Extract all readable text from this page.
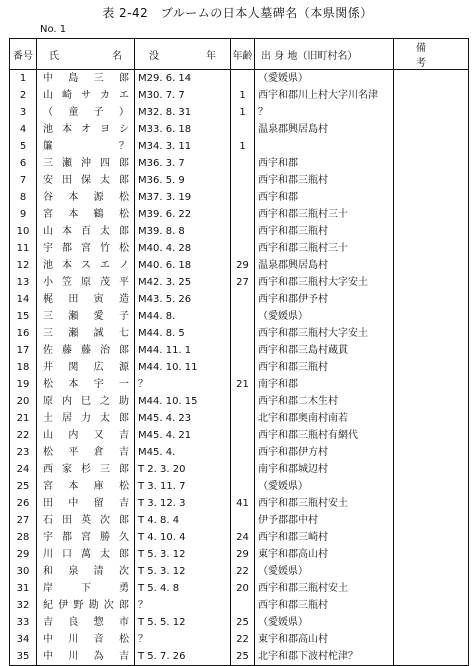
表 2-42　ブルームの日本人墓碑名（本県関係）
No. 1
番号	氏　　名	没　　年	年齢	出 身 地（旧町村名）	備　　考
1	中島三郎	M29. 6. 14		（愛媛県）	
2	山崎サカエ	M30. 7. 7	1	西宇和郡川上村大字川名津	
3	（童子）	M32. 8. 31	1	？	
4	池本オヨシ	M33. 6. 18		温泉郡興居島村	
5	簾？	M34. 3. 11	1		
6	三瀬沖四郎	M36. 3. 7		西宇和郡	
7	安田保太郎	M36. 5. 9		西宇和郡三瓶村	
8	谷本源松	M37. 3. 19		西宇和郡	
9	宮本鶴松	M39. 6. 22		西宇和郡三瓶村三十	
10	山本百太郎	M39. 8. 8		西宇和郡三瓶村	
11	宇都宮竹松	M40. 4. 28		西宇和郡三瓶村三十	
12	池本スエノ	M40. 6. 18	29	温泉郡興居島村	
13	小笠原茂平	M42. 3. 25	27	西宇和郡三瓶村大字安土	
14	梶田寅造	M43. 5. 26		西宇和郡伊予村	
15	三瀬愛子	M44. 8.		（愛媛県）	
16	三瀬誠七	M44. 8. 5		西宇和郡三瓶村大字安土	
17	佐藤藤治郎	M44. 11. 1		西宇和郡三島村蔵貫	
18	井関広源	M44. 10. 11		西宇和郡三瓶村	
19	松本宇一	？	21	南宇和郡	
20	原内巳之助	M44. 10. 15		西宇和郡二木生村	
21	土居力太郎	M45. 4. 23		北宇和郡奥南村南若	
22	山内又吉	M45. 4. 21		西宇和郡三瓶村有網代	
23	松平倉吉	M45. 4.		西宇和郡伊方村	
24	西家杉三郎	T 2. 3. 20		南宇和郡城辺村	
25	宮本庫松	T 3. 11. 7		（愛媛県）	
26	田中留吉	T 3. 12. 3	41	西宇和郡三瓶村安土	
27	石田英次郎	T 4. 8. 4		伊予郡郡中村	
28	宇都宮勝久	T 4. 10. 4	24	西宇和郡三崎村	
29	川口萬太郎	T 5. 3. 12	29	東宇和郡高山村	
30	和泉清次	T 5. 3. 12	22	（愛媛県）	
31	岸下勇	T 5. 4. 8	20	西宇和郡三瓶村安土	
32	紀伊野勘次郎	？		西宇和郡三瓶村	
33	吉良惣市	T 5. 5. 12	25	（愛媛県）	
34	中川音松	？	22	東宇和郡高山村	
35	中川為吉	T 5. 7. 26	25	北宇和郡下波村柁津？	
